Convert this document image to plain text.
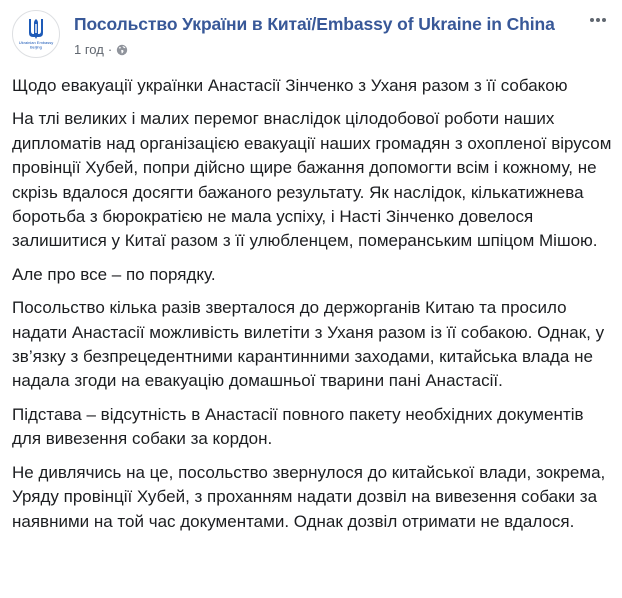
Ukrainian Embassy
Beijing
Посольство України в Китаї/Embassy of Ukraine in China
1 год ·

Щодо евакуації українки Анастасії Зінченко з Уханя разом з її собакою

На тлі великих і малих перемог внаслідок цілодобової роботи наших дипломатів над організацією евакуації наших громадян з охопленої вірусом провінції Хубей, попри дійсно щире бажання допомогти всім і кожному, не скрізь вдалося досягти бажаного результату. Як наслідок, кількатижнева боротьба з бюрократією не мала успіху, і Насті Зінченко довелося залишитися у Китаї разом з її улюбленцем, померанським шпіцом Мішою.

Але про все – по порядку.

Посольство кілька разів зверталося до держорганів Китаю та просило надати Анастасії можливість вилетіти з Уханя разом із її собакою. Однак, у зв’язку з безпрецедентними карантинними заходами, китайська влада не надала згоди на евакуацію домашньої тварини пані Анастасії.

Підстава – відсутність в Анастасії повного пакету необхідних документів для вивезення собаки за кордон.

Не дивлячись на це, посольство звернулося до китайської влади, зокрема, Уряду провінції Хубей, з проханням надати дозвіл на вивезення собаки за наявними на той час документами. Однак дозвіл отримати не вдалося.
